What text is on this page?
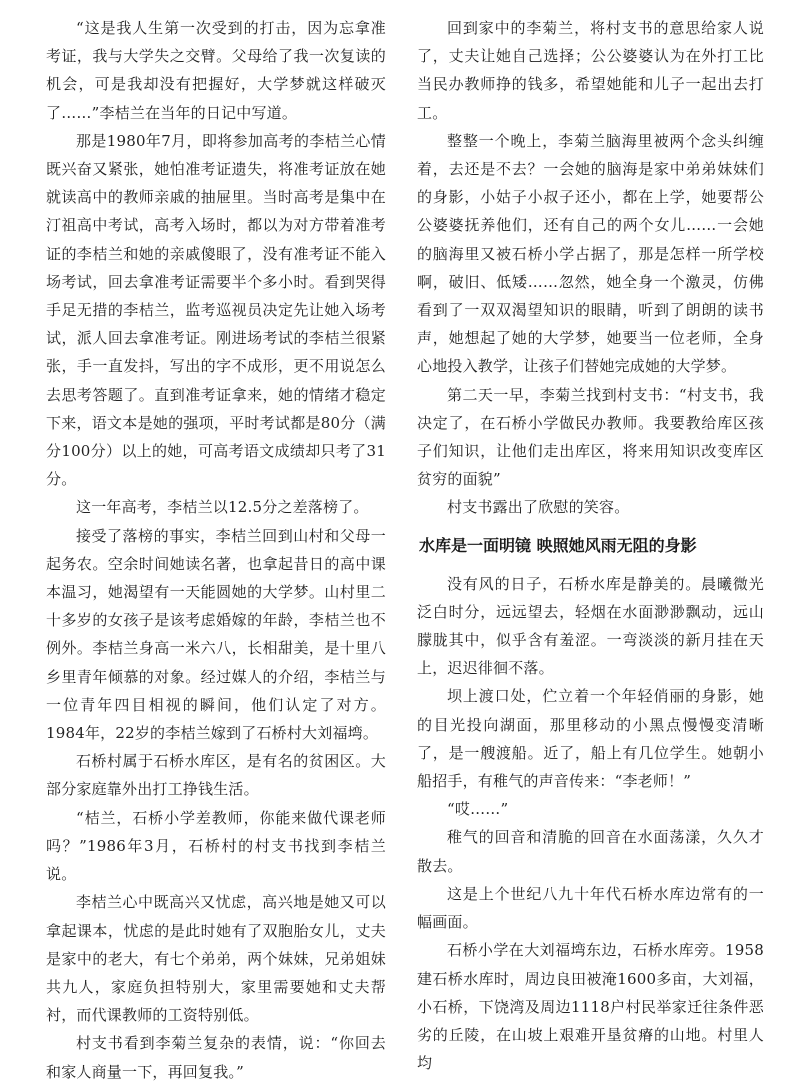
“这是我人生第一次受到的打击，因为忘拿准考证，我与大学失之交臂。父母给了我一次复读的机会，可是我却没有把握好，大学梦就这样破灭了……”李桔兰在当年的日记中写道。

那是1980年7月，即将参加高考的李桔兰心情既兴奋又紧张，她怕准考证遗失，将准考证放在她就读高中的教师亲戚的抽屉里。当时高考是集中在汀祖高中考试，高考入场时，都以为对方带着准考证的李桔兰和她的亲戚傻眼了，没有准考证不能入场考试，回去拿准考证需要半个多小时。看到哭得手足无措的李桔兰，监考巡视员决定先让她入场考试，派人回去拿准考证。刚进场考试的李桔兰很紧张，手一直发抖，写出的字不成形，更不用说怎么去思考答题了。直到准考证拿来，她的情绪才稳定下来，语文本是她的强项，平时考试都是80分（满分100分）以上的她，可高考语文成绩却只考了31分。

这一年高考，李桔兰以12.5分之差落榜了。

接受了落榜的事实，李桔兰回到山村和父母一起务农。空余时间她读名著，也拿起昔日的高中课本温习，她渴望有一天能圆她的大学梦。山村里二十多岁的女孩子是该考虑婚嫁的年龄，李桔兰也不例外。李桔兰身高一米六八，长相甜美，是十里八乡里青年倾慕的对象。经过媒人的介绍，李桔兰与一位青年四目相视的瞬间，他们认定了对方。1984年，22岁的李桔兰嫁到了石桥村大刘福塆。

石桥村属于石桥水库区，是有名的贫困区。大部分家庭靠外出打工挣钱生活。

“桔兰，石桥小学差教师，你能来做代课老师吗？”1986年3月，石桥村的村支书找到李桔兰说。

李桔兰心中既高兴又忧虑，高兴地是她又可以拿起课本，忧虑的是此时她有了双胞胎女儿，丈夫是家中的老大，有七个弟弟，两个妹妹，兄弟姐妹共九人，家庭负担特别大，家里需要她和丈夫帮衬，而代课教师的工资特别低。

村支书看到李菊兰复杂的表情，说：“你回去和家人商量一下，再回复我。”

回到家中的李菊兰，将村支书的意思给家人说了，丈夫让她自己选择；公公婆婆认为在外打工比当民办教师挣的钱多，希望她能和儿子一起出去打工。

整整一个晚上，李菊兰脑海里被两个念头纠缠着，去还是不去？一会她的脑海是家中弟弟妹妹们的身影，小姑子小叔子还小，都在上学，她要帮公公婆婆抚养他们，还有自己的两个女儿……一会她的脑海里又被石桥小学占据了，那是怎样一所学校啊，破旧、低矮……忽然，她全身一个激灵，仿佛看到了一双双渴望知识的眼睛，听到了朗朗的读书声，她想起了她的大学梦，她要当一位老师，全身心地投入教学，让孩子们替她完成她的大学梦。

第二天一早，李菊兰找到村支书：“村支书，我决定了，在石桥小学做民办教师。我要教给库区孩子们知识，让他们走出库区，将来用知识改变库区贫穷的面貌”

村支书露出了欣慰的笑容。

水库是一面明镜 映照她风雨无阻的身影

没有风的日子，石桥水库是静美的。晨曦微光泛白时分，远远望去，轻烟在水面渺渺飘动，远山朦胧其中，似乎含有羞涩。一弯淡淡的新月挂在天上，迟迟徘徊不落。

坝上渡口处，伫立着一个年轻俏丽的身影，她的目光投向湖面，那里移动的小黑点慢慢变清晰了，是一艘渡船。近了，船上有几位学生。她朝小船招手，有稚气的声音传来：“李老师！”

“哎……”

稚气的回音和清脆的回音在水面荡漾，久久才散去。

这是上个世纪八九十年代石桥水库边常有的一幅画面。

石桥小学在大刘福塆东边，石桥水库旁。1958建石桥水库时，周边良田被淹1600多亩，大刘福，小石桥，下饶湾及周边1118户村民举家迁往条件恶劣的丘陵，在山坡上艰难开垦贫瘠的山地。村里人均
